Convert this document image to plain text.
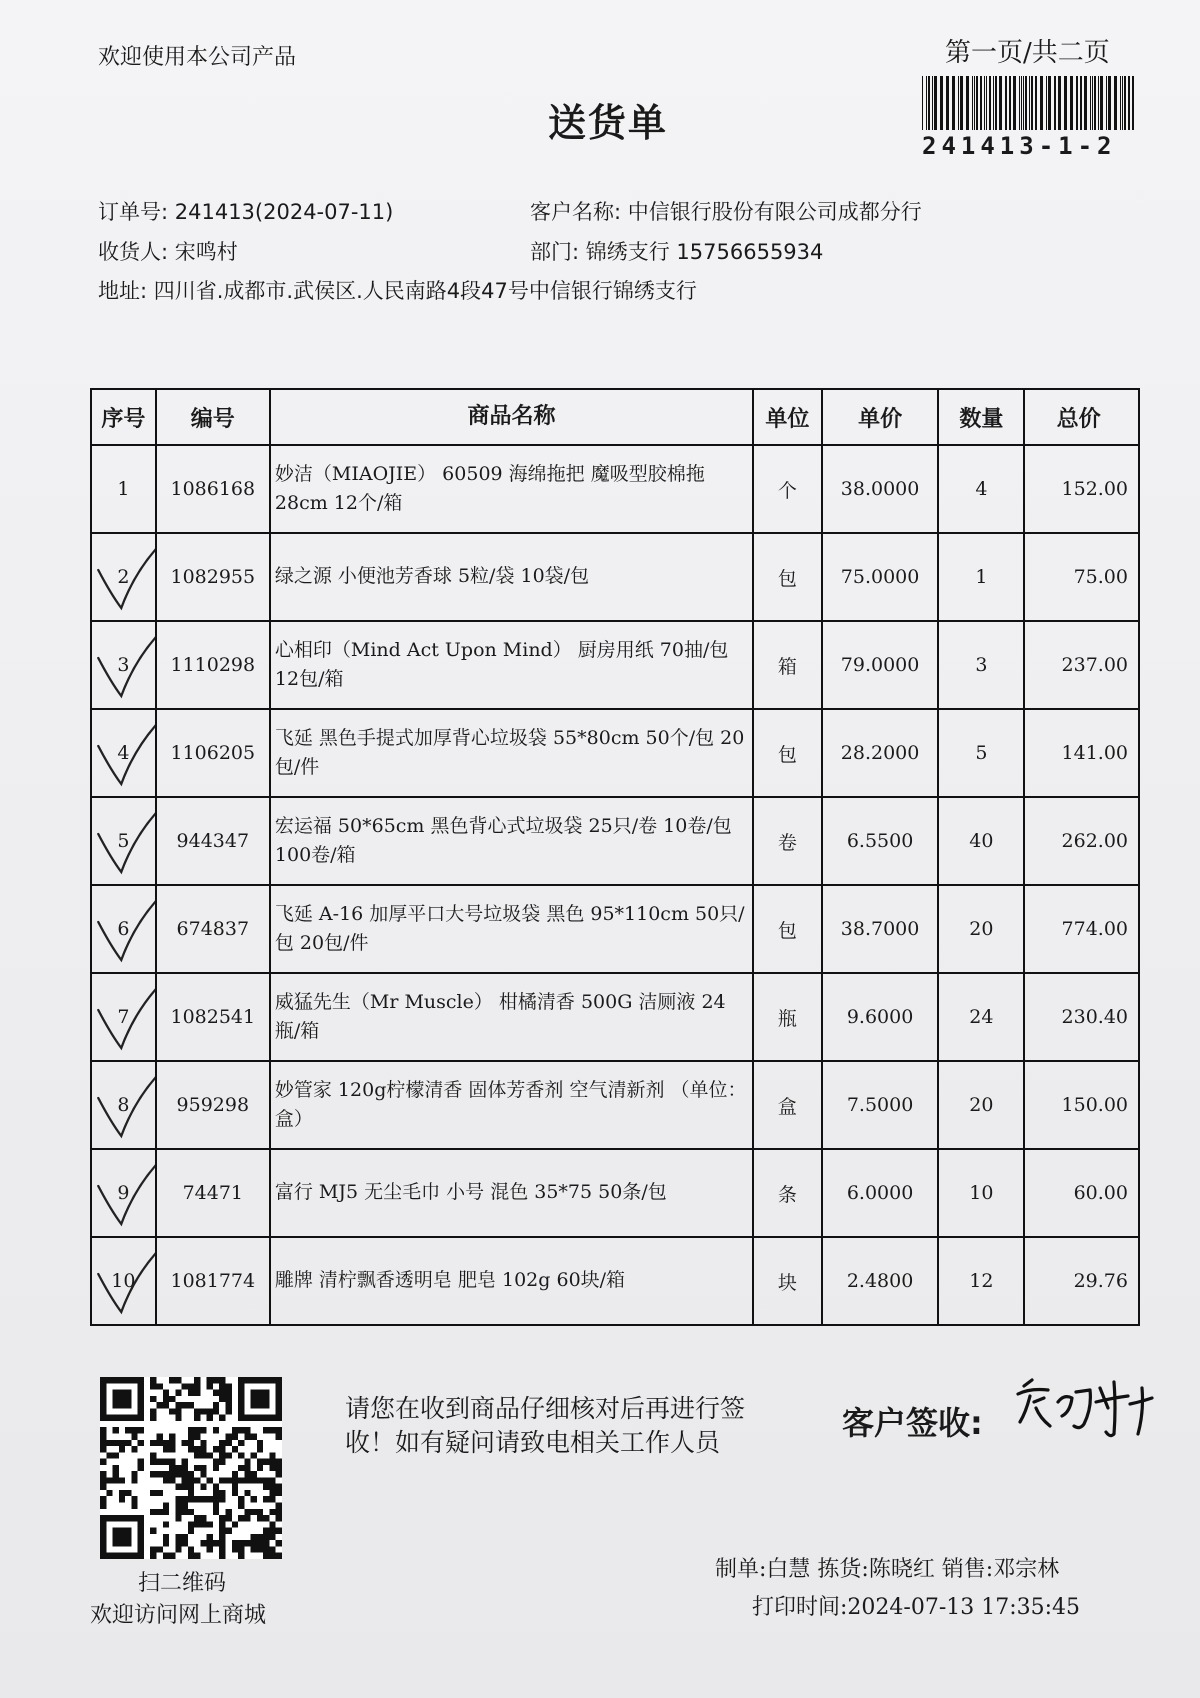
欢迎使用本公司产品	第一页/共二页
送货单
241413-1-2
订单号: 241413(2024-07-11)	客户名称: 中信银行股份有限公司成都分行
收货人: 宋鸣村	部门: 锦绣支行 15756655934
地址: 四川省.成都市.武侯区.人民南路4段47号中信银行锦绣支行
序号	编号	商品名称	单位	单价	数量	总价
1	1086168	妙洁（MIAOJIE） 60509 海绵拖把 魔吸型胶棉拖 28cm 12个/箱	个	38.0000	4	152.00
2	1082955	绿之源 小便池芳香球 5粒/袋 10袋/包	包	75.0000	1	75.00
3	1110298	心相印（Mind Act Upon Mind） 厨房用纸 70抽/包 12包/箱	箱	79.0000	3	237.00
4	1106205	飞延 黑色手提式加厚背心垃圾袋 55*80cm 50个/包 20包/件	包	28.2000	5	141.00
5	944347	宏运福 50*65cm 黑色背心式垃圾袋 25只/卷 10卷/包 100卷/箱	卷	6.5500	40	262.00
6	674837	飞延 A-16 加厚平口大号垃圾袋 黑色 95*110cm 50只/包 20包/件	包	38.7000	20	774.00
7	1082541	威猛先生（Mr Muscle） 柑橘清香 500G 洁厕液 24瓶/箱	瓶	9.6000	24	230.40
8	959298	妙管家 120g柠檬清香 固体芳香剂 空气清新剂 （单位：盒）	盒	7.5000	20	150.00
9	74471	富行 MJ5 无尘毛巾 小号 混色 35*75 50条/包	条	6.0000	10	60.00
10	1081774	雕牌 清柠飘香透明皂 肥皂 102g 60块/箱	块	2.4800	12	29.76
扫二维码
欢迎访问网上商城
请您在收到商品仔细核对后再进行签收！如有疑问请致电相关工作人员
客户签收:
制单:白慧 拣货:陈晓红 销售:邓宗林
打印时间:2024-07-13 17:35:45
